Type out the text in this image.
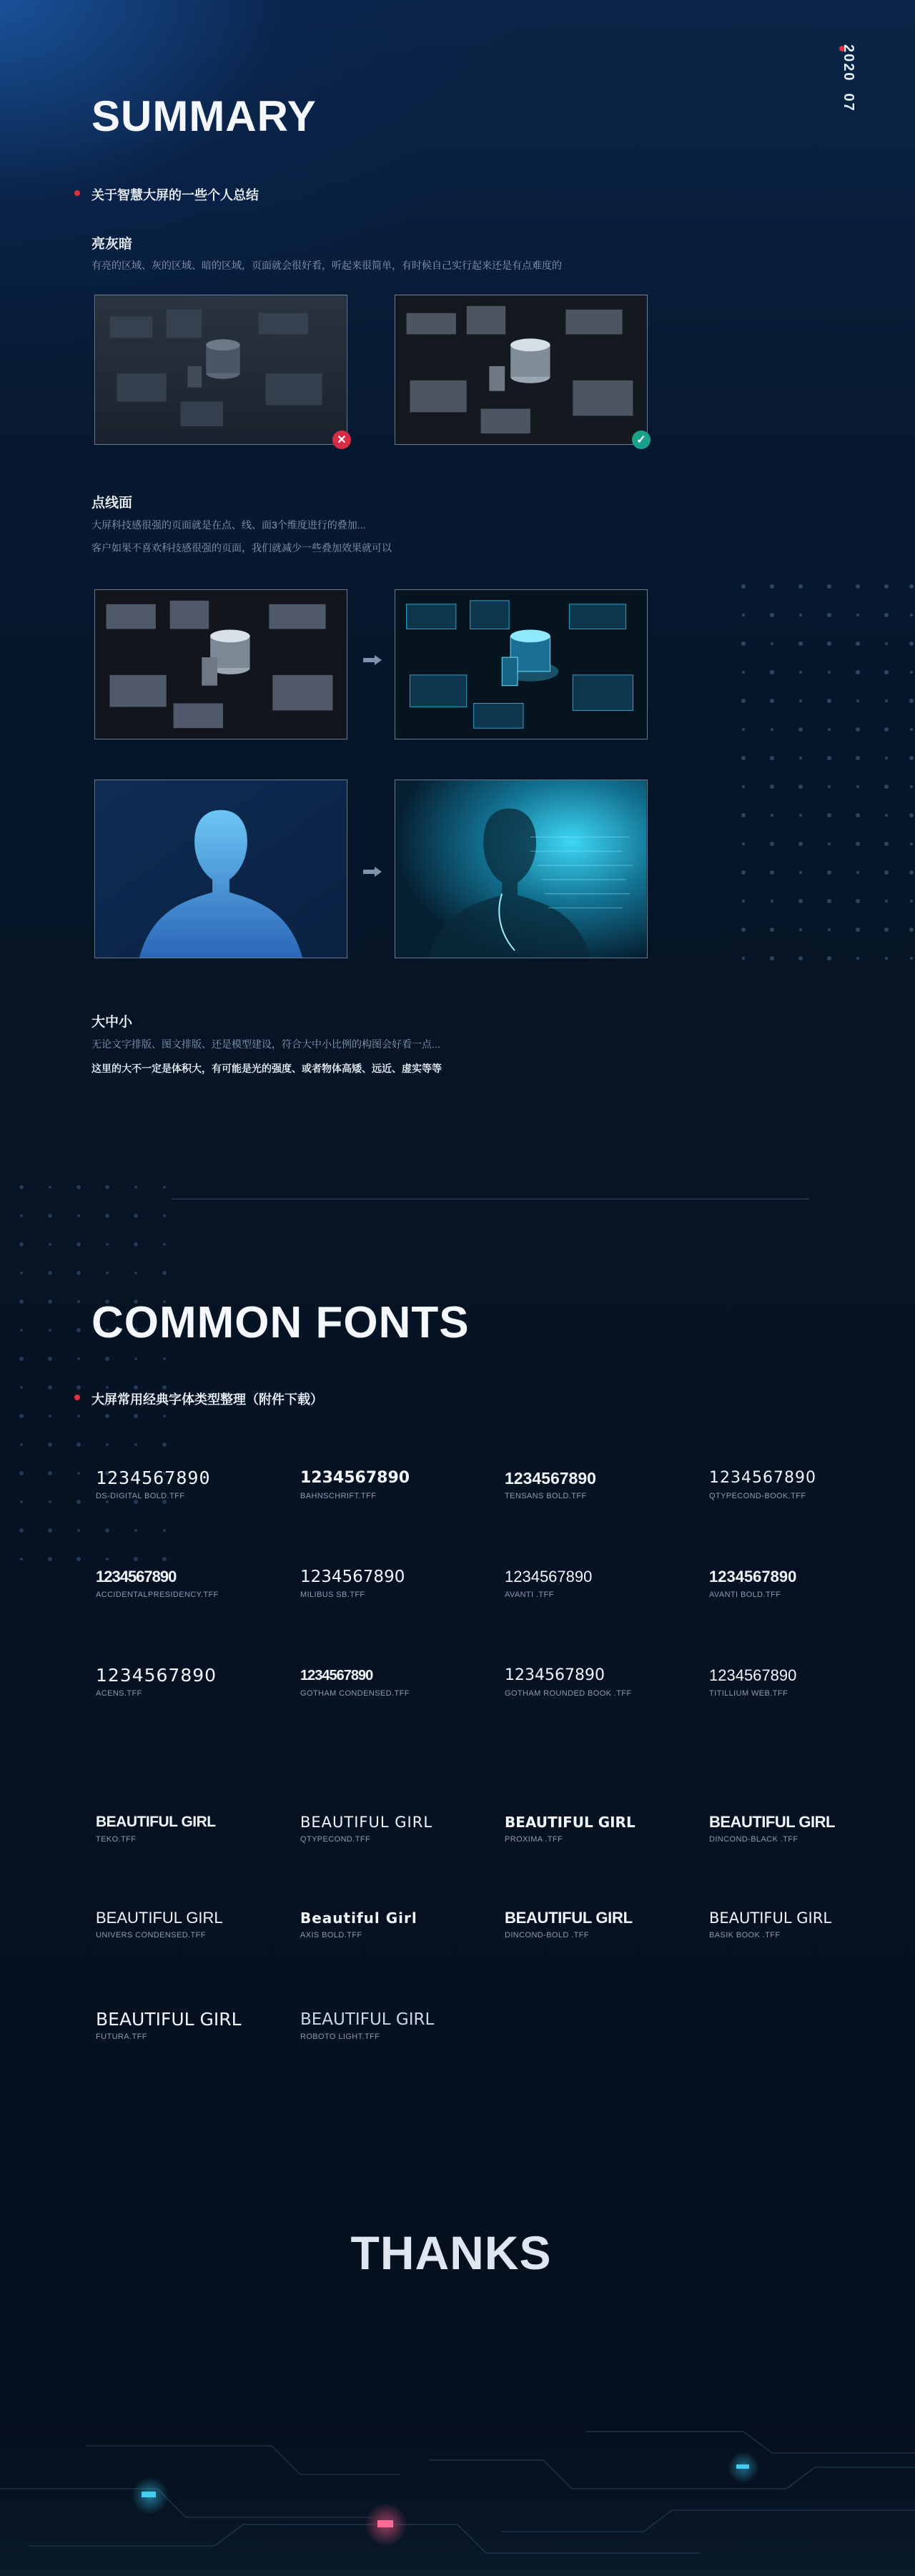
202007
SUMMARY
关于智慧大屏的一些个人总结
亮灰暗
有亮的区域、灰的区域、暗的区域，页面就会很好看，听起来很简单，有时候自己实行起来还是有点难度的
✕	✓
点线面
大屏科技感很强的页面就是在点、线、面3个维度进行的叠加...
客户如果不喜欢科技感很强的页面，我们就减少一些叠加效果就可以
大中小
无论文字排版、图文排版、还是模型建设，符合大中小比例的构图会好看一点...
这里的大不一定是体积大，有可能是光的强度、或者物体高矮、远近、虚实等等
COMMON FONTS
大屏常用经典字体类型整理（附件下载）
1234567890
DS-DIGITAL BOLD.TFF
1234567890
BAHNSCHRIFT.TFF
1234567890
TENSANS BOLD.TFF
1234567890
QTYPECOND-BOOK.TFF
1234567890
ACCIDENTALPRESIDENCY.TFF
1234567890
MILIBUS SB.TFF
1234567890
AVANTI .TFF
1234567890
AVANTI BOLD.TFF
1234567890
ACENS.TFF
1234567890
GOTHAM CONDENSED.TFF
1234567890
GOTHAM ROUNDED BOOK .TFF
1234567890
TITILLIUM WEB.TFF
BEAUTIFUL GIRL
TEKO.TFF
BEAUTIFUL GIRL
QTYPECOND.TFF
BEAUTIFUL GIRL
PROXIMA .TFF
BEAUTIFUL GIRL
DINCOND-BLACK .TFF
BEAUTIFUL GIRL
UNIVERS CONDENSED.TFF
Beautiful Girl
AXIS BOLD.TFF
BEAUTIFUL GIRL
DINCOND-BOLD .TFF
BEAUTIFUL GIRL
BASIK BOOK .TFF
BEAUTIFUL GIRL
FUTURA.TFF
BEAUTIFUL GIRL
ROBOTO LIGHT.TFF
THANKS
